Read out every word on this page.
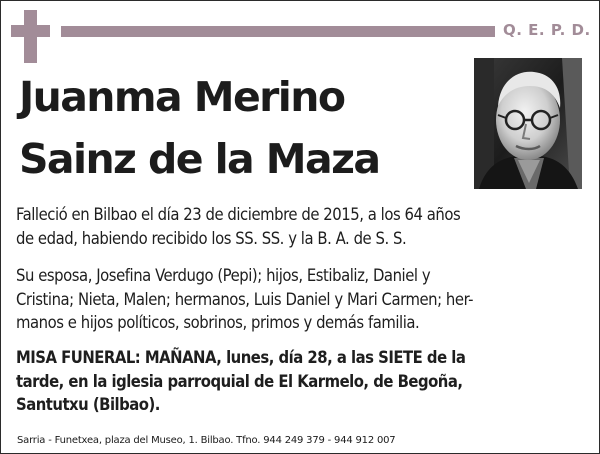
Q. E. P. D.
Juanma Merino
Sainz de la Maza

Falleció en Bilbao el día 23 de diciembre de 2015, a los 64 años
de edad, habiendo recibido los SS. SS. y la B. A. de S. S.

Su esposa, Josefina Verdugo (Pepi); hijos, Estibaliz, Daniel y
Cristina; Nieta, Malen; hermanos, Luis Daniel y Mari Carmen; her-
manos e hijos políticos, sobrinos, primos y demás familia.

MISA FUNERAL: MAÑANA, lunes, día 28, a las SIETE de la
tarde, en la iglesia parroquial de El Karmelo, de Begoña,
Santutxu (Bilbao).

Sarria - Funetxea, plaza del Museo, 1. Bilbao. Tfno. 944 249 379 - 944 912 007
